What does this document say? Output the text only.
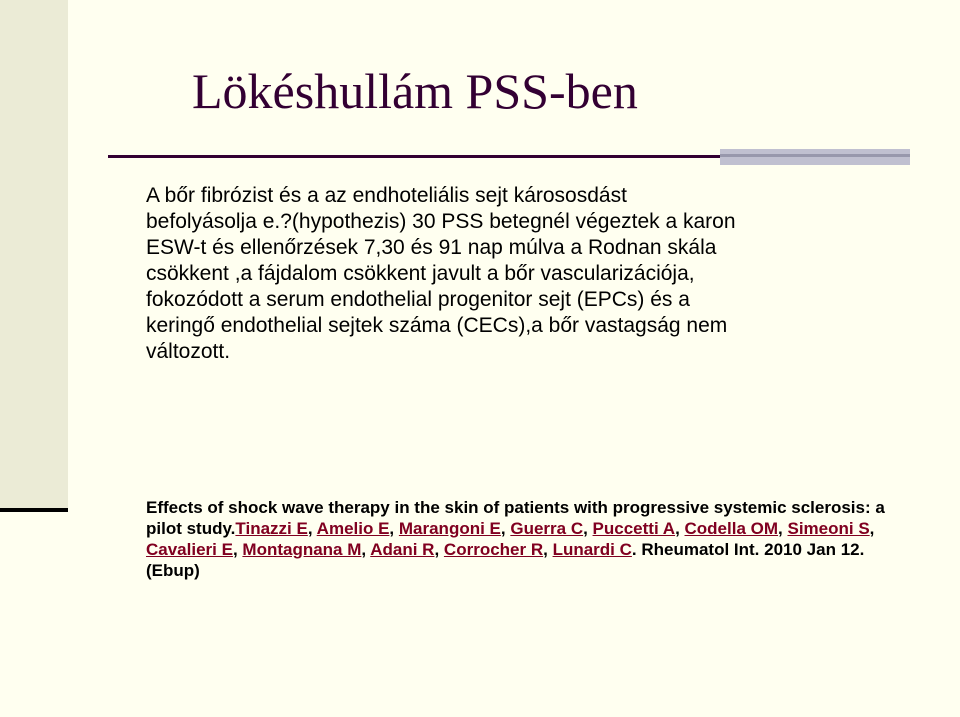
Lökéshullám PSS-ben

A bőr fibrózist és a az endhoteliális sejt kárososdást
befolyásolja e.?(hypothezis) 30 PSS betegnél végeztek a karon
ESW-t és ellenőrzések 7,30 és 91 nap múlva a Rodnan skála
csökkent ,a fájdalom csökkent javult a bőr vascularizációja,
fokozódott a serum endothelial progenitor sejt (EPCs) és a
keringő endothelial sejtek száma (CECs),a bőr vastagság nem
változott.

Effects of shock wave therapy in the skin of patients with progressive systemic sclerosis: a pilot study.Tinazzi E, Amelio E, Marangoni E, Guerra C, Puccetti A, Codella OM, Simeoni S, Cavalieri E, Montagnana M, Adani R, Corrocher R, Lunardi C. Rheumatol Int. 2010 Jan 12.(Ebup)
